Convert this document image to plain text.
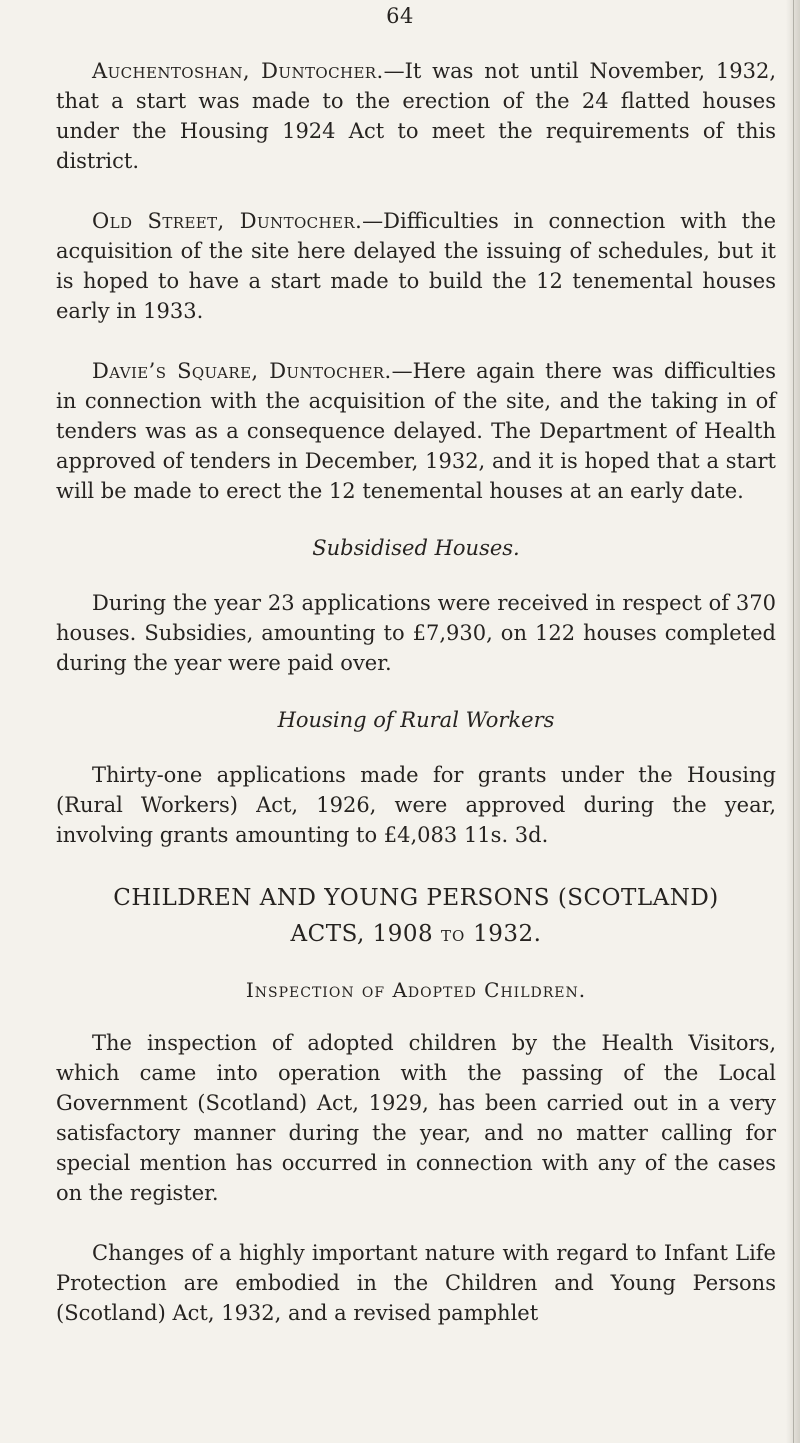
64

Auchentoshan, Duntocher.—It was not until November, 1932, that a start was made to the erection of the 24 flatted houses under the Housing 1924 Act to meet the requirements of this district.

Old Street, Duntocher.—Difficulties in connection with the acquisition of the site here delayed the issuing of schedules, but it is hoped to have a start made to build the 12 tenemental houses early in 1933.

Davie’s Square, Duntocher.—Here again there was difficulties in connection with the acquisition of the site, and the taking in of tenders was as a consequence delayed. The Department of Health approved of tenders in December, 1932, and it is hoped that a start will be made to erect the 12 tenemental houses at an early date.

Subsidised Houses.

During the year 23 applications were received in respect of 370 houses. Subsidies, amounting to £7,930, on 122 houses completed during the year were paid over.

Housing of Rural Workers

Thirty-one applications made for grants under the Housing (Rural Workers) Act, 1926, were approved during the year, involving grants amounting to £4,083 11s. 3d.

CHILDREN AND YOUNG PERSONS (SCOTLAND)
ACTS, 1908 TO 1932.
Inspection of Adopted Children.

The inspection of adopted children by the Health Visitors, which came into operation with the passing of the Local Government (Scotland) Act, 1929, has been carried out in a very satisfactory manner during the year, and no matter calling for special mention has occurred in connection with any of the cases on the register.

Changes of a highly important nature with regard to Infant Life Protection are embodied in the Children and Young Persons (Scotland) Act, 1932, and a revised pamphlet
